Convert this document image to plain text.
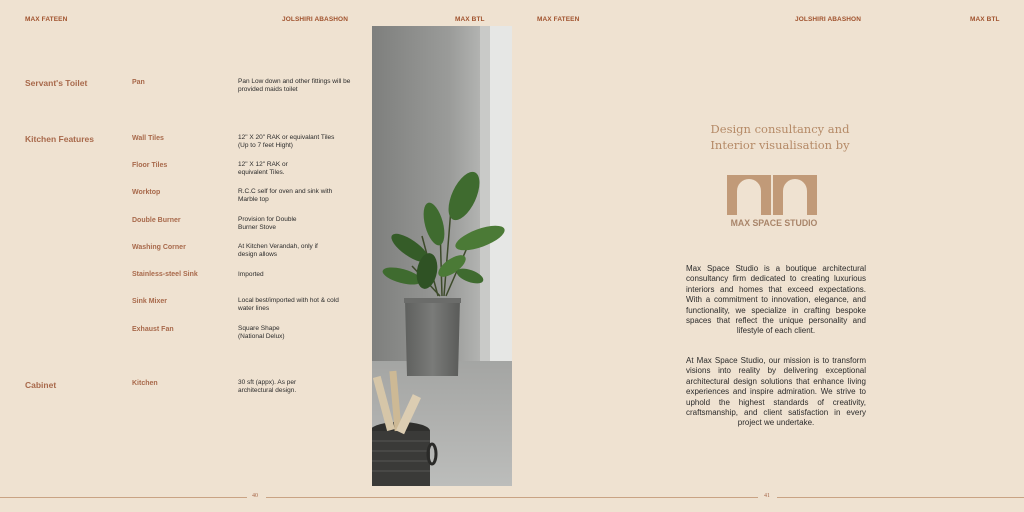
MAX FATEEN	JOLSHIRI ABASHON	MAX BTL
Servant's Toilet	Pan	Pan Low down and other fittings will be provided maids toilet
Kitchen Features	Wall Tiles	12" X 20" RAK or equivalant Tiles
(Up to 7 feet Hight)
Floor Tiles	12" X 12" RAK or
equivalent Tiles.
Worktop	R.C.C self for oven and sink with
Marble top
Double Burner	Provision for Double
Burner Stove
Washing Corner	At Kitchen Verandah, only if
design allows
Stainless-steel Sink	Imported
Sink Mixer	Local best/imported with hot & cold
water lines
Exhaust Fan	Square Shape
(National Delux)
Cabinet	Kitchen	30 sft (appx). As per
architectural design.
MAX FATEEN	JOLSHIRI ABASHON	MAX BTL
Design consultancy and
Interior visualisation by
MAX SPACE STUDIO
Max Space Studio is a boutique architectural consultancy firm dedicated to creating luxurious interiors and homes that exceed expectations. With a commitment to innovation, elegance, and functionality, we specialize in crafting bespoke spaces that reflect the unique personality and lifestyle of each client.
At Max Space Studio, our mission is to transform visions into reality by delivering exceptional architectural design solutions that enhance living experiences and inspire admiration. We strive to uphold the highest standards of creativity, craftsmanship, and client satisfaction in every project we undertake.
40	41
